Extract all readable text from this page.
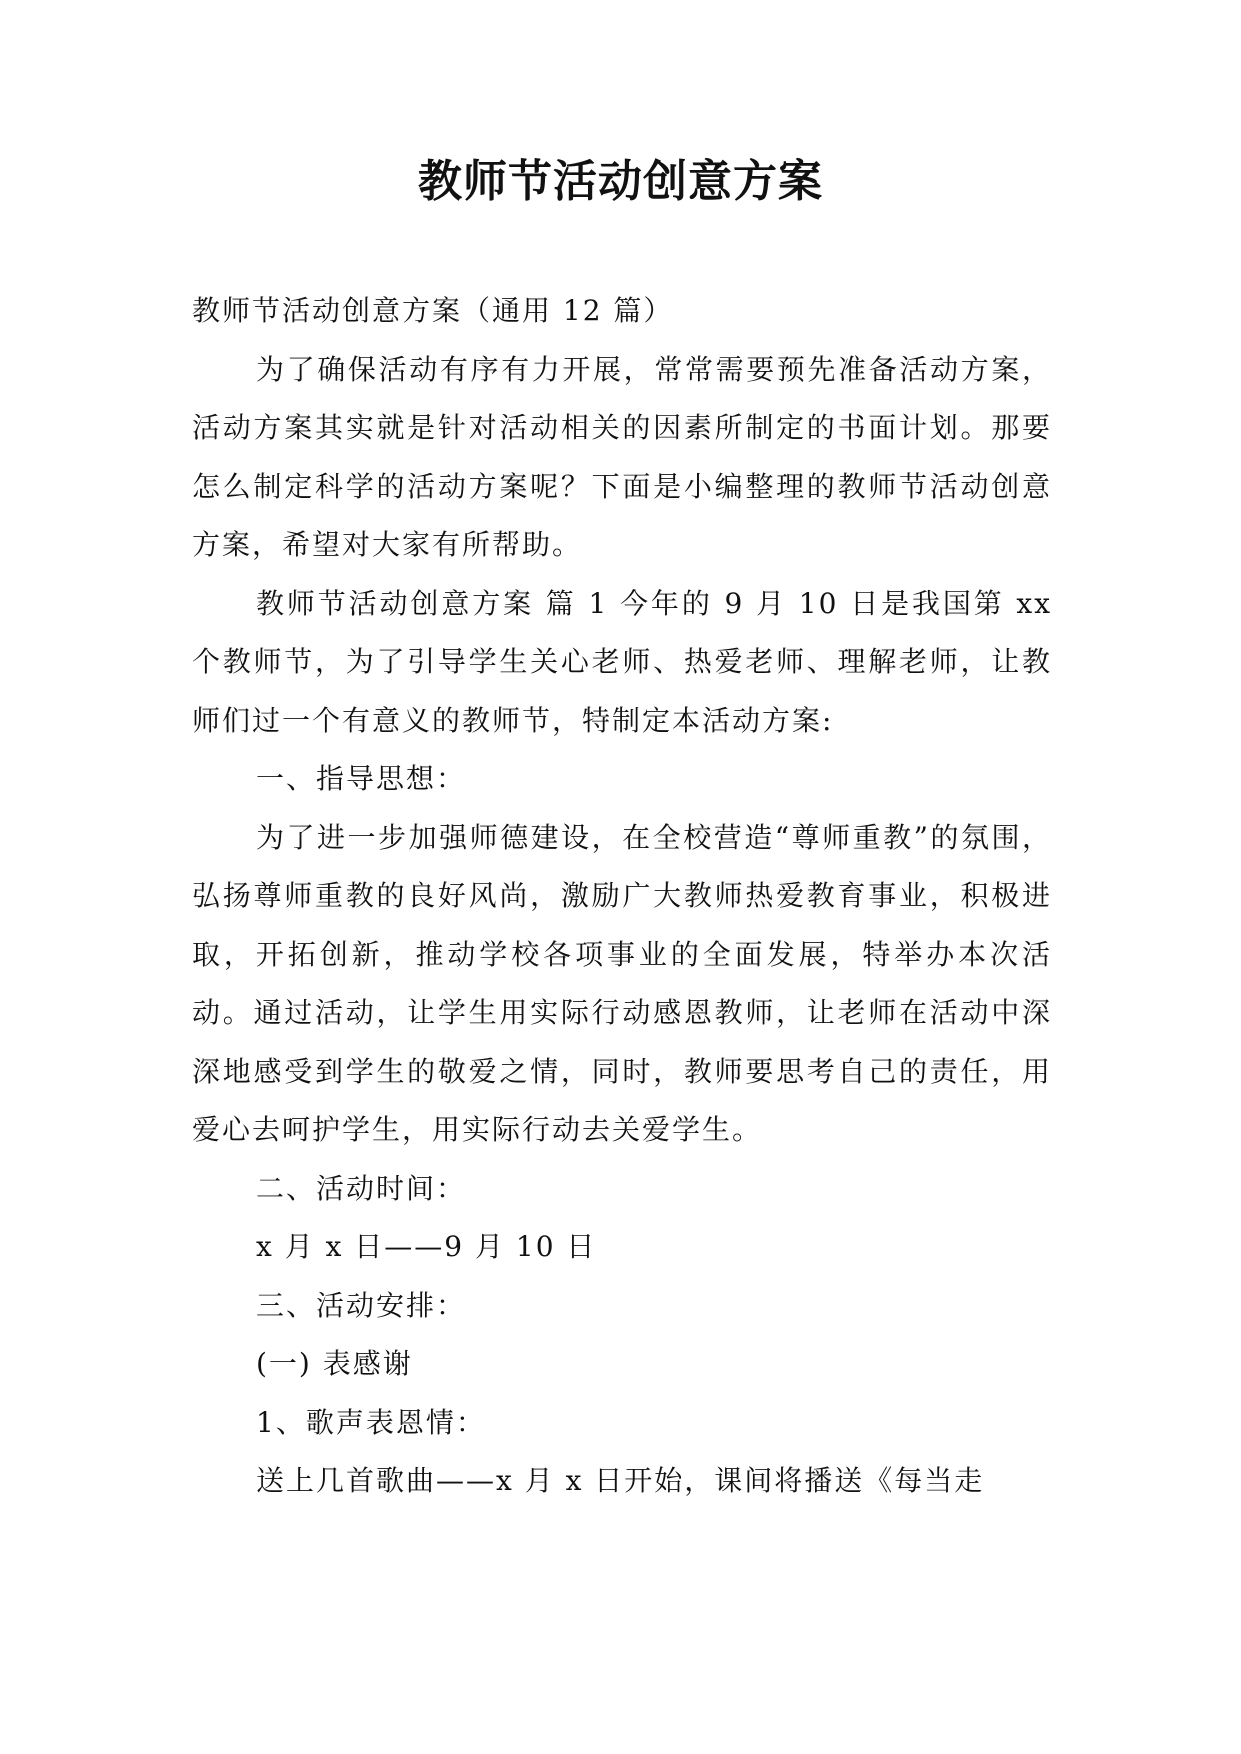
教师节活动创意方案

教师节活动创意方案（通用 12 篇）

为了确保活动有序有力开展，常常需要预先准备活动方案，活动方案其实就是针对活动相关的因素所制定的书面计划。那要怎么制定科学的活动方案呢？下面是小编整理的教师节活动创意方案，希望对大家有所帮助。

教师节活动创意方案 篇 1 今年的 9 月 10 日是我国第 xx 个教师节，为了引导学生关心老师、热爱老师、理解老师，让教师们过一个有意义的教师节，特制定本活动方案:

一、指导思想：

为了进一步加强师德建设，在全校营造“尊师重教”的氛围，弘扬尊师重教的良好风尚，激励广大教师热爱教育事业，积极进取，开拓创新，推动学校各项事业的全面发展，特举办本次活动。通过活动，让学生用实际行动感恩教师，让老师在活动中深深地感受到学生的敬爱之情，同时，教师要思考自己的责任，用爱心去呵护学生，用实际行动去关爱学生。

二、活动时间：

x 月 x 日——9 月 10 日

三、活动安排：

(一) 表感谢

1、歌声表恩情：

送上几首歌曲——x 月 x 日开始，课间将播送《每当走
